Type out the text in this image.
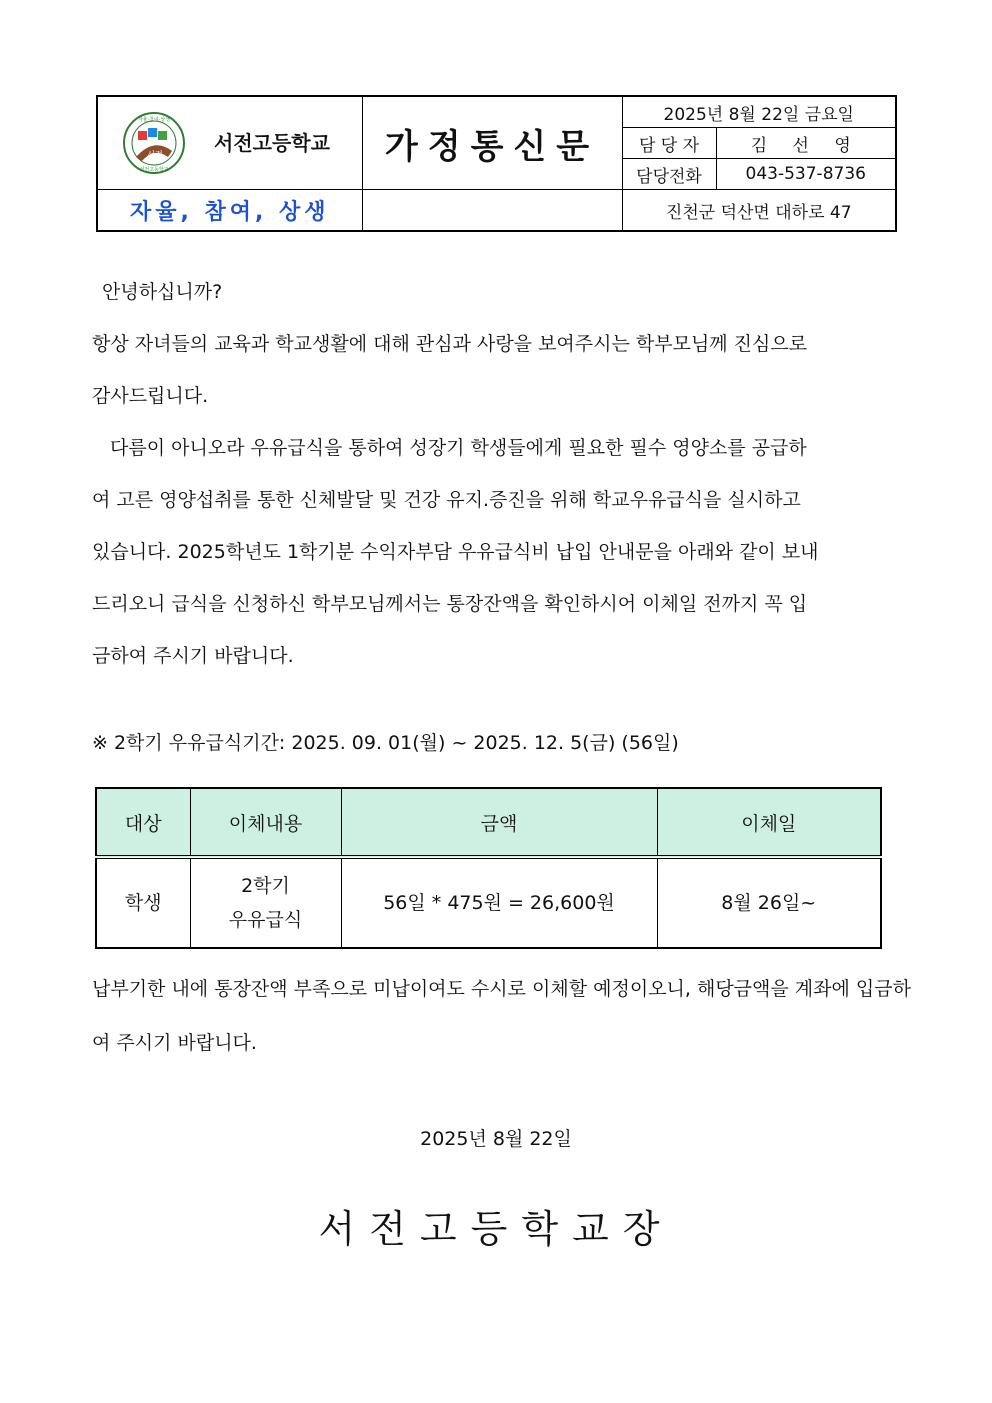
자율·참여·상생
서전고등학교
서전 서전고등학교	가정통신문	2025년 8월 22일 금요일	
		담 당 자	김 선 영
		담당전화	043-537-8736
자율, 참여, 상생		진천군 덕산면 대하로 47	
안녕하십니까?
항상 자녀들의 교육과 학교생활에 대해 관심과 사랑을 보여주시는 학부모님께 진심으로
감사드립니다.
다름이 아니오라 우유급식을 통하여 성장기 학생들에게 필요한 필수 영양소를 공급하
여 고른 영양섭취를 통한 신체발달 및 건강 유지.증진을 위해 학교우유급식을 실시하고
있습니다. 2025학년도 1학기분 수익자부담 우유급식비 납입 안내문을 아래와 같이 보내
드리오니 급식을 신청하신 학부모님께서는 통장잔액을 확인하시어 이체일 전까지 꼭 입
금하여 주시기 바랍니다.
※ 2학기 우유급식기간: 2025. 09. 01(월) ~ 2025. 12. 5(금) (56일)
대상	이체내용	금액	이체일
학생	2학기
우유급식	56일 * 475원 = 26,600원	8월 26일~
납부기한 내에 통장잔액 부족으로 미납이여도 수시로 이체할 예정이오니, 해당금액을 계좌에 입금하
여 주시기 바랍니다.
2025년 8월 22일
서전고등학교장
